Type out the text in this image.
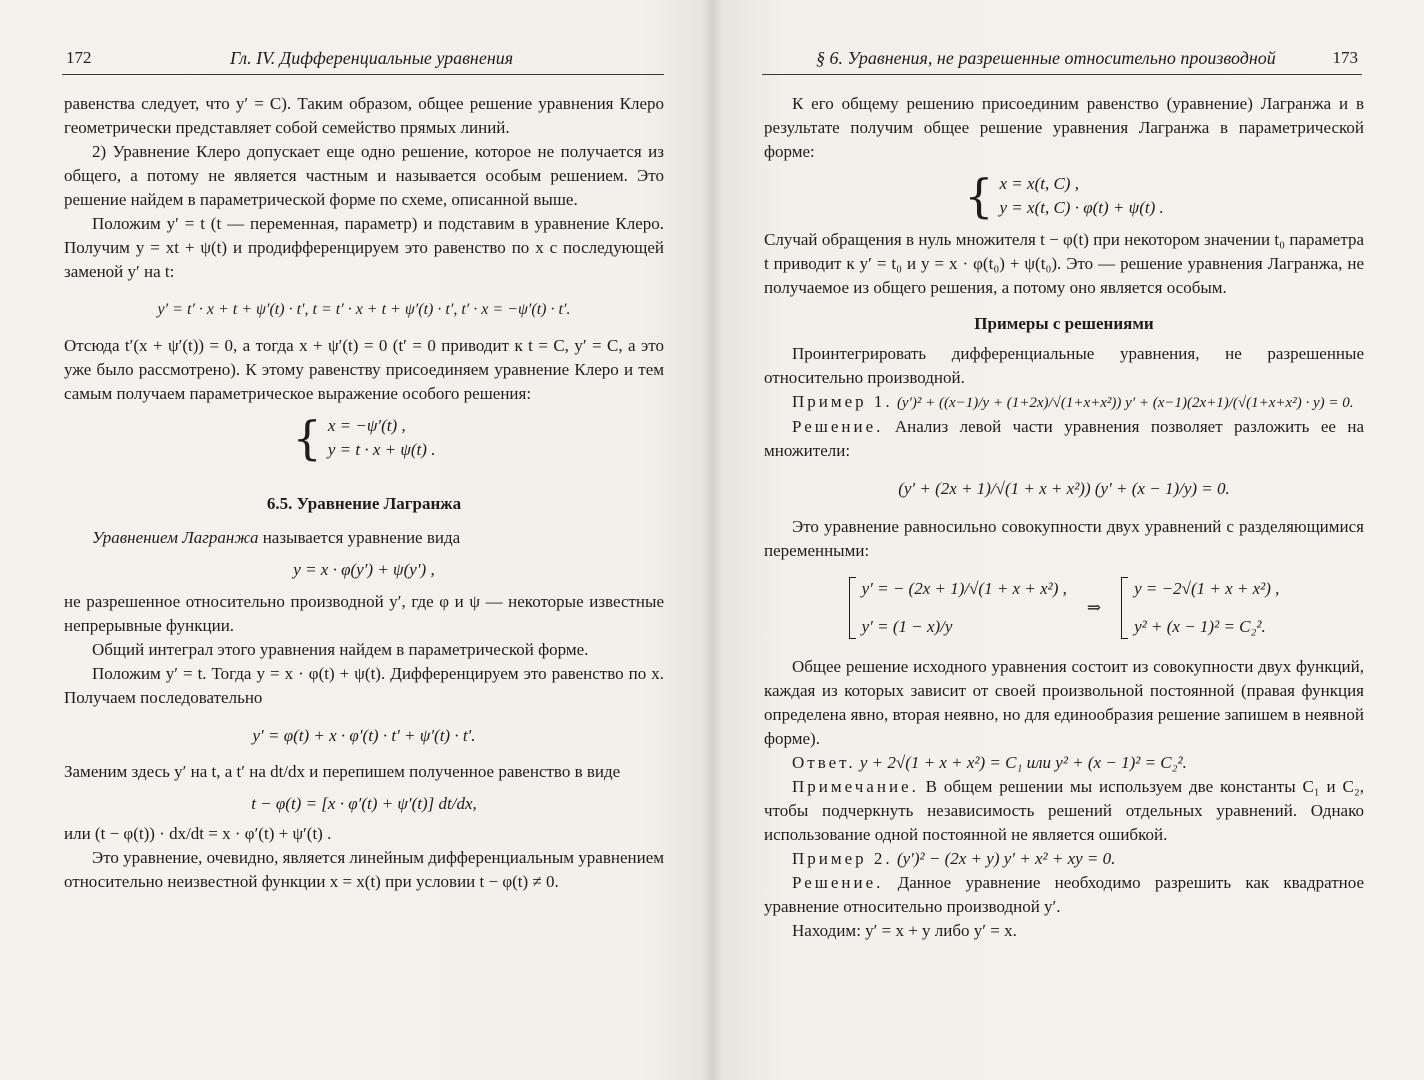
172	Гл. IV. Дифференциальные уравнения

равенства следует, что y′ = C). Таким образом, общее решение уравнения Клеро геометрически представляет собой семейство прямых линий.

2) Уравнение Клеро допускает еще одно решение, которое не получается из общего, а потому не является частным и называется особым решением. Это решение найдем в параметрической форме по схеме, описанной выше.

Положим y′ = t (t — переменная, параметр) и подставим в уравнение Клеро. Получим y = xt + ψ(t) и продифференцируем это равенство по x с последующей заменой y′ на t:

y′ = t′ · x + t + ψ′(t) · t′, t = t′ · x + t + ψ′(t) · t′, t′ · x = −ψ′(t) · t′.

Отсюда t′(x + ψ′(t)) = 0, а тогда x + ψ′(t) = 0 (t′ = 0 приводит к t = C, y′ = C, а это уже было рассмотрено). К этому равенству присоединяем уравнение Клеро и тем самым получаем параметрическое выражение особого решения:

{ x = −ψ′(t) ,
y = t · x + ψ(t) .

6.5. Уравнение Лагранжа

Уравнением Лагранжа называется уравнение вида

y = x · φ(y′) + ψ(y′) ,

не разрешенное относительно производной y′, где φ и ψ — некоторые известные непрерывные функции.

Общий интеграл этого уравнения найдем в параметрической форме.

Положим y′ = t. Тогда y = x · φ(t) + ψ(t). Дифференцируем это равенство по x. Получаем последовательно

y′ = φ(t) + x · φ′(t) · t′ + ψ′(t) · t′.

Заменим здесь y′ на t, а t′ на dt/dx и перепишем полученное равенство в виде

t − φ(t) = [x · φ′(t) + ψ′(t)] dt/dx,

или (t − φ(t)) · dx/dt = x · φ′(t) + ψ′(t) .

Это уравнение, очевидно, является линейным дифференциальным уравнением относительно неизвестной функции x = x(t) при условии t − φ(t) ≠ 0.

§ 6. Уравнения, не разрешенные относительно производной	173

К его общему решению присоединим равенство (уравнение) Лагранжа и в результате получим общее решение уравнения Лагранжа в параметрической форме:

{ x = x(t, C) ,
y = x(t, C) · φ(t) + ψ(t) .

Случай обращения в нуль множителя t − φ(t) при некотором значении t₀ параметра t приводит к y′ = t₀ и y = x · φ(t₀) + ψ(t₀). Это — решение уравнения Лагранжа, не получаемое из общего решения, а потому оно является особым.

Примеры с решениями

Проинтегрировать дифференциальные уравнения, не разрешенные относительно производной.

Пример 1. (y′)² + ((x−1)/y + (1+2x)/√(1+x+x²)) y′ + (x−1)(2x+1)/(√(1+x+x²) · y) = 0.

Решение. Анализ левой части уравнения позволяет разложить ее на множители:

(y′ + (2x + 1)/√(1 + x + x²)) (y′ + (x − 1)/y) = 0.

Это уравнение равносильно совокупности двух уравнений с разделяющимися переменными:

y′ = − (2x + 1)/√(1 + x + x²) ,
y′ = (1 − x)/y
⇒
y = −2√(1 + x + x²) ,
y² + (x − 1)² = C₂².

Общее решение исходного уравнения состоит из совокупности двух функций, каждая из которых зависит от своей произвольной постоянной (правая функция определена явно, вторая неявно, но для единообразия решение запишем в неявной форме).

Ответ. y + 2√(1 + x + x²) = C₁ или y² + (x − 1)² = C₂².

Примечание. В общем решении мы используем две константы C₁ и C₂, чтобы подчеркнуть независимость решений отдельных уравнений. Однако использование одной постоянной не является ошибкой.

Пример 2. (y′)² − (2x + y) y′ + x² + xy = 0.

Решение. Данное уравнение необходимо разрешить как квадратное уравнение относительно производной y′.

Находим: y′ = x + y либо y′ = x.
